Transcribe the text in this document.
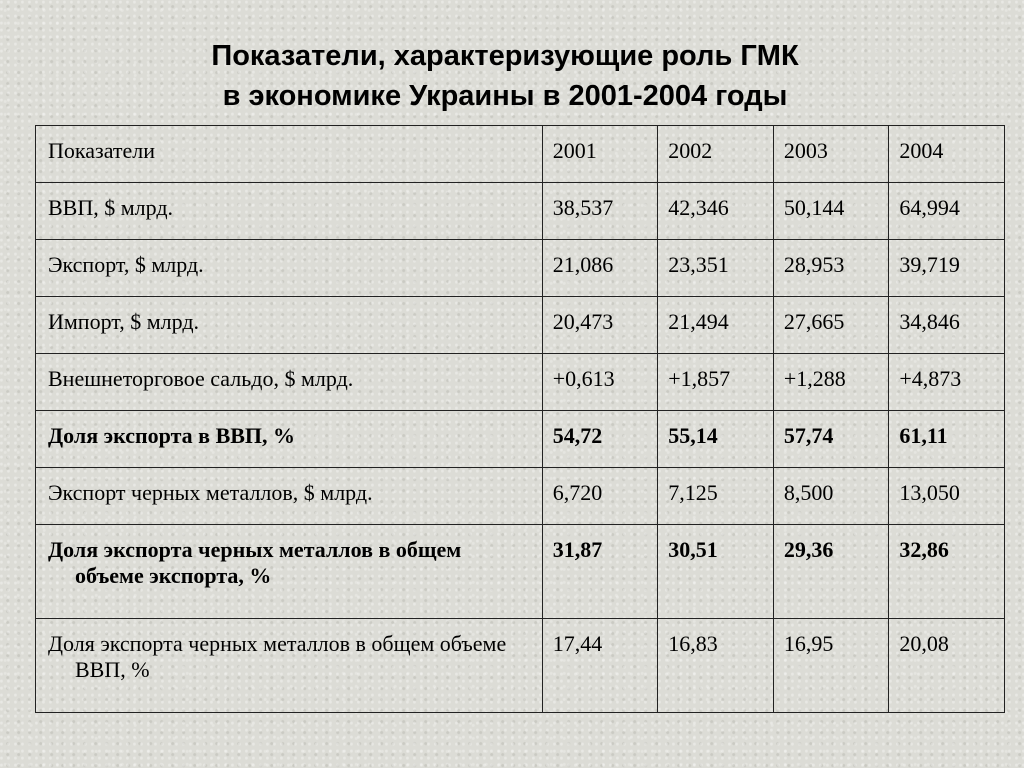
Показатели, характеризующие роль ГМК
в экономике Украины в 2001-2004 годы
Показатели	2001	2002	2003	2004
ВВП, $ млрд.	38,537	42,346	50,144	64,994
Экспорт, $ млрд.	21,086	23,351	28,953	39,719
Импорт, $ млрд.	20,473	21,494	27,665	34,846
Внешнеторговое сальдо, $ млрд.	+0,613	+1,857	+1,288	+4,873
Доля экспорта в ВВП, %	54,72	55,14	57,74	61,11
Экспорт черных металлов, $ млрд.	6,720	7,125	8,500	13,050

Доля экспорта черных металлов в общем объеме экспорта, %	31,87	30,51	29,36	32,86

Доля экспорта черных металлов в общем объеме ВВП, %	17,44	16,83	16,95	20,08
